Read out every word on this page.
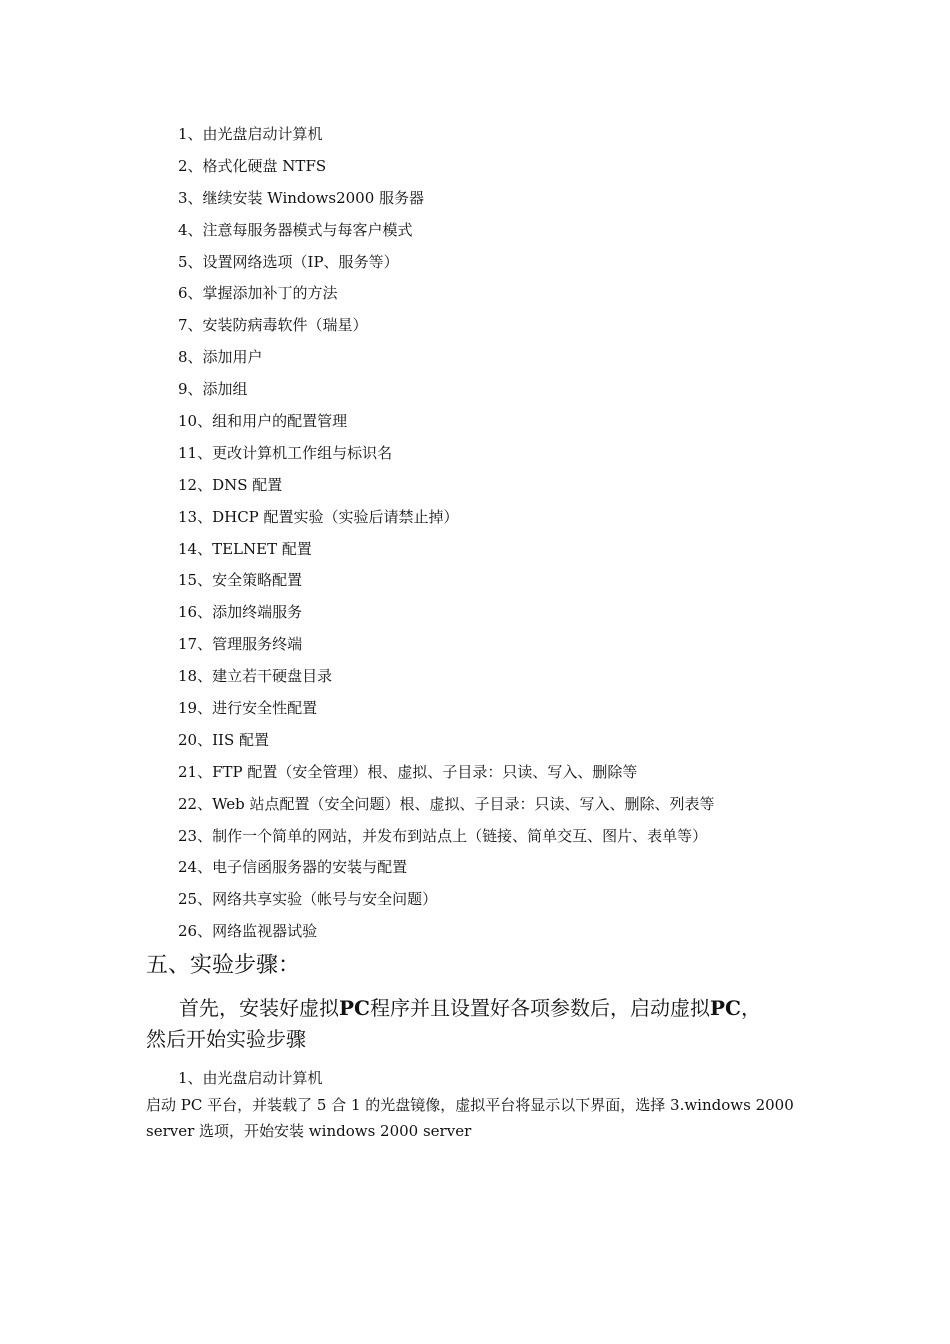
1、由光盘启动计算机
2、格式化硬盘 NTFS
3、继续安装 Windows2000 服务器
4、注意每服务器模式与每客户模式
5、设置网络选项（IP、服务等）
6、掌握添加补丁的方法
7、安装防病毒软件（瑞星）
8、添加用户
9、添加组
10、组和用户的配置管理
11、更改计算机工作组与标识名
12、DNS 配置
13、DHCP 配置实验（实验后请禁止掉）
14、TELNET 配置
15、安全策略配置
16、添加终端服务
17、管理服务终端
18、建立若干硬盘目录
19、进行安全性配置
20、IIS 配置
21、FTP 配置（安全管理）根、虚拟、子目录：只读、写入、删除等
22、Web 站点配置（安全问题）根、虚拟、子目录：只读、写入、删除、列表等
23、制作一个简单的网站，并发布到站点上（链接、简单交互、图片、表单等）
24、电子信函服务器的安装与配置
25、网络共享实验（帐号与安全问题）
26、网络监视器试验
五、实验步骤：

首先，安装好虚拟PC程序并且设置好各项参数后，启动虚拟PC，
然后开始实验步骤

1、由光盘启动计算机

启动 PC 平台，并装载了 5 合 1 的光盘镜像，虚拟平台将显示以下界面，选择 3.windows 2000
server 选项，开始安装 windows 2000 server
